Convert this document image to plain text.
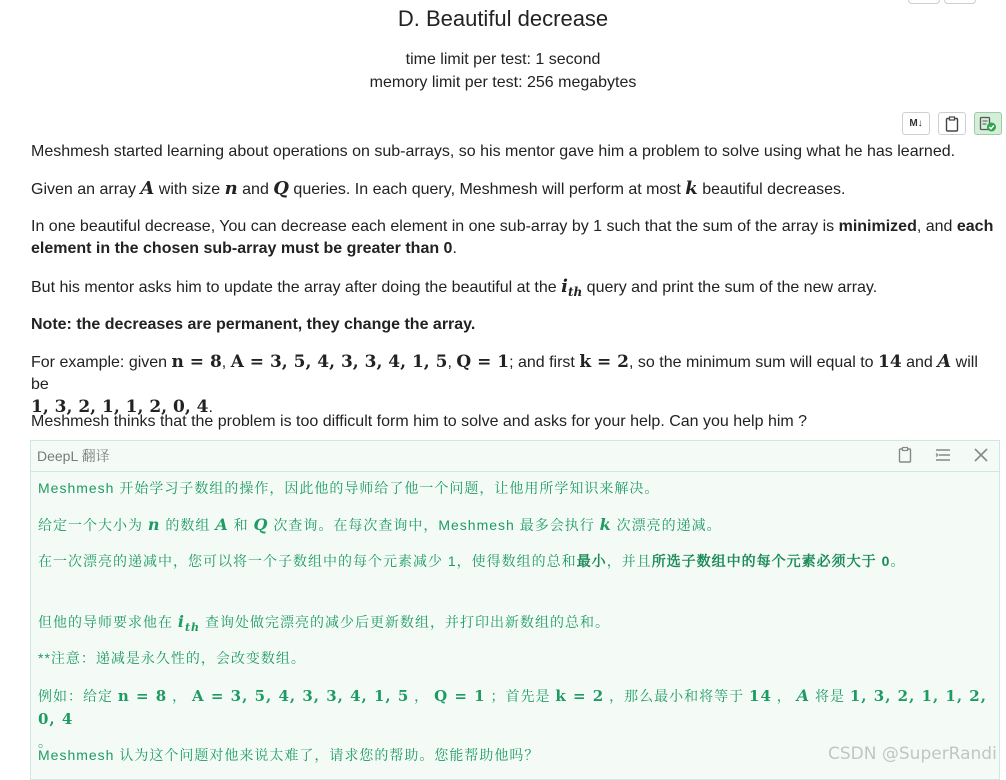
D. Beautiful decrease
time limit per test: 1 second
memory limit per test: 256 megabytes
M↓
Meshmesh started learning about operations on sub-arrays, so his mentor gave him a problem to solve using what he has learned.
Given an array A with size n and Q queries. In each query, Meshmesh will perform at most k beautiful decreases.
In one beautiful decrease, You can decrease each element in one sub-array by 1 such that the sum of the array is minimized, and each element in the chosen sub-array must be greater than 0.
But his mentor asks him to update the array after doing the beautiful at the $i_{th}$ query and print the sum of the new array.
Note: the decreases are permanent, they change the array.
For example: given n = 8, A = 3, 5, 4, 3, 3, 4, 1, 5, Q = 1; and first k = 2, so the minimum sum will equal to 14 and A will be
1, 3, 2, 1, 1, 2, 0, 4.
Meshmesh thinks that the problem is too difficult form him to solve and asks for your help. Can you help him ?
DeepL 翻译
Meshmesh 开始学习子数组的操作，因此他的导师给了他一个问题，让他用所学知识来解决。
给定一个大小为 n 的数组 A 和 Q 次查询。在每次查询中，Meshmesh 最多会执行 k 次漂亮的递减。
在一次漂亮的递减中，您可以将一个子数组中的每个元素减少 1，使得数组的总和最小，并且所选子数组中的每个元素必须大于 0。
但他的导师要求他在 $i_{th}$ 查询处做完漂亮的减少后更新数组，并打印出新数组的总和。
**注意：递减是永久性的，会改变数组。
例如：给定 n = 8 ， A = 3, 5, 4, 3, 3, 4, 1, 5 ， Q = 1 ；首先是 k = 2 ，那么最小和将等于 14 ， A 将是 1, 3, 2, 1, 1, 2, 0, 4
。
Meshmesh 认为这个问题对他来说太难了，请求您的帮助。您能帮助他吗？	CSDN @SuperRandi
